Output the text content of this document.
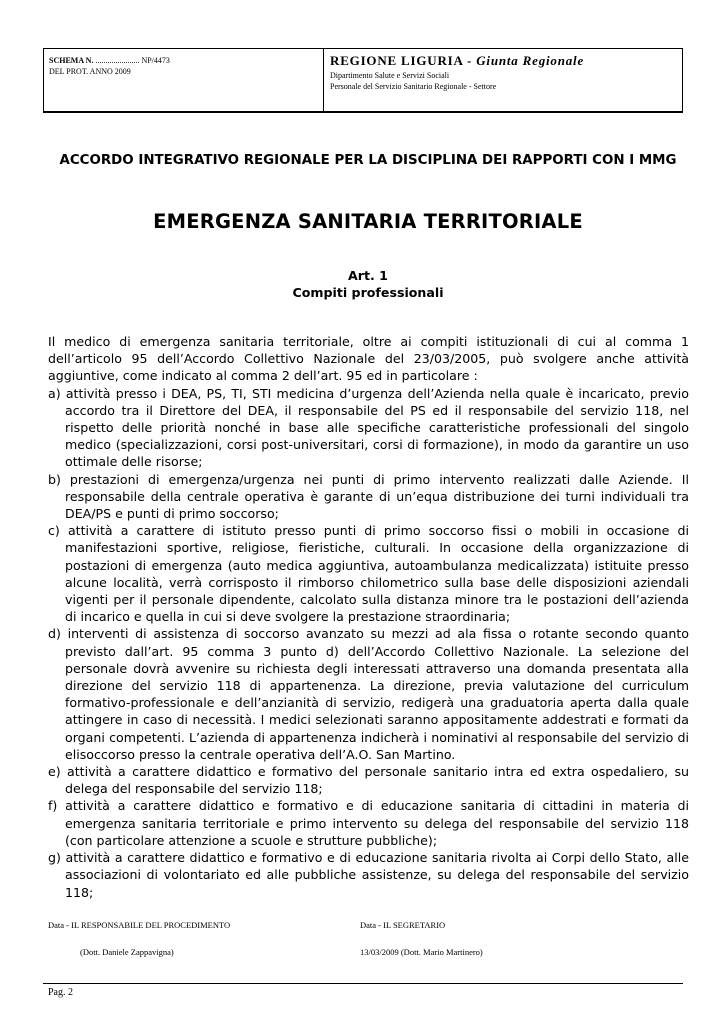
SCHEMA N. ...................... NP/4473
DEL PROT. ANNO 2009
REGIONE LIGURIA - Giunta Regionale
Dipartimento Salute e Servizi Sociali
Personale del Servizio Sanitario Regionale - Settore
ACCORDO INTEGRATIVO REGIONALE PER LA DISCIPLINA DEI RAPPORTI CON I MMG
EMERGENZA SANITARIA TERRITORIALE
Art. 1
Compiti professionali

Il medico di emergenza sanitaria territoriale, oltre ai compiti istituzionali di cui al comma 1 dell’articolo 95 dell’Accordo Collettivo Nazionale del 23/03/2005, può svolgere anche attività aggiuntive, come indicato al comma 2 dell’art. 95 ed in particolare :

a) attività presso i DEA, PS, TI, STI medicina d’urgenza dell’Azienda nella quale è incaricato, previo accordo tra il Direttore del DEA, il responsabile del PS ed il responsabile del servizio 118, nel rispetto delle priorità nonché in base alle specifiche caratteristiche professionali del singolo medico (specializzazioni, corsi post-universitari, corsi di formazione), in modo da garantire un uso ottimale delle risorse;
b) prestazioni di emergenza/urgenza nei punti di primo intervento realizzati dalle Aziende. Il responsabile della centrale operativa è garante di un’equa distribuzione dei turni individuali tra DEA/PS e punti di primo soccorso;
c) attività a carattere di istituto presso punti di primo soccorso fissi o mobili in occasione di manifestazioni sportive, religiose, fieristiche, culturali. In occasione della organizzazione di postazioni di emergenza (auto medica aggiuntiva, autoambulanza medicalizzata) istituite presso alcune località, verrà corrisposto il rimborso chilometrico sulla base delle disposizioni aziendali vigenti per il personale dipendente, calcolato sulla distanza minore tra le postazioni dell’azienda di incarico e quella in cui si deve svolgere la prestazione straordinaria;
d) interventi di assistenza di soccorso avanzato su mezzi ad ala fissa o rotante secondo quanto previsto dall’art. 95 comma 3 punto d) dell’Accordo Collettivo Nazionale. La selezione del personale dovrà avvenire su richiesta degli interessati attraverso una domanda presentata alla direzione del servizio 118 di appartenenza. La direzione, previa valutazione del curriculum formativo-professionale e dell’anzianità di servizio, redigerà una graduatoria aperta dalla quale attingere in caso di necessità. I medici selezionati saranno appositamente addestrati e formati da organi competenti. L’azienda di appartenenza indicherà i nominativi al responsabile del servizio di elisoccorso presso la centrale operativa dell’A.O. San Martino.
e) attività a carattere didattico e formativo del personale sanitario intra ed extra ospedaliero, su delega del responsabile del servizio 118;
f) attività a carattere didattico e formativo e di educazione sanitaria di cittadini in materia di emergenza sanitaria territoriale e primo intervento su delega del responsabile del servizio 118 (con particolare attenzione a scuole e strutture pubbliche);
g) attività a carattere didattico e formativo e di educazione sanitaria rivolta ai Corpi dello Stato, alle associazioni di volontariato ed alle pubbliche assistenze, su delega del responsabile del servizio 118;
Data - IL RESPONSABILE DEL PROCEDIMENTO
(Dott. Daniele Zappavigna)
Data - IL SEGRETARIO
13/03/2009 (Dott. Mario Martinero)
Pag. 2
